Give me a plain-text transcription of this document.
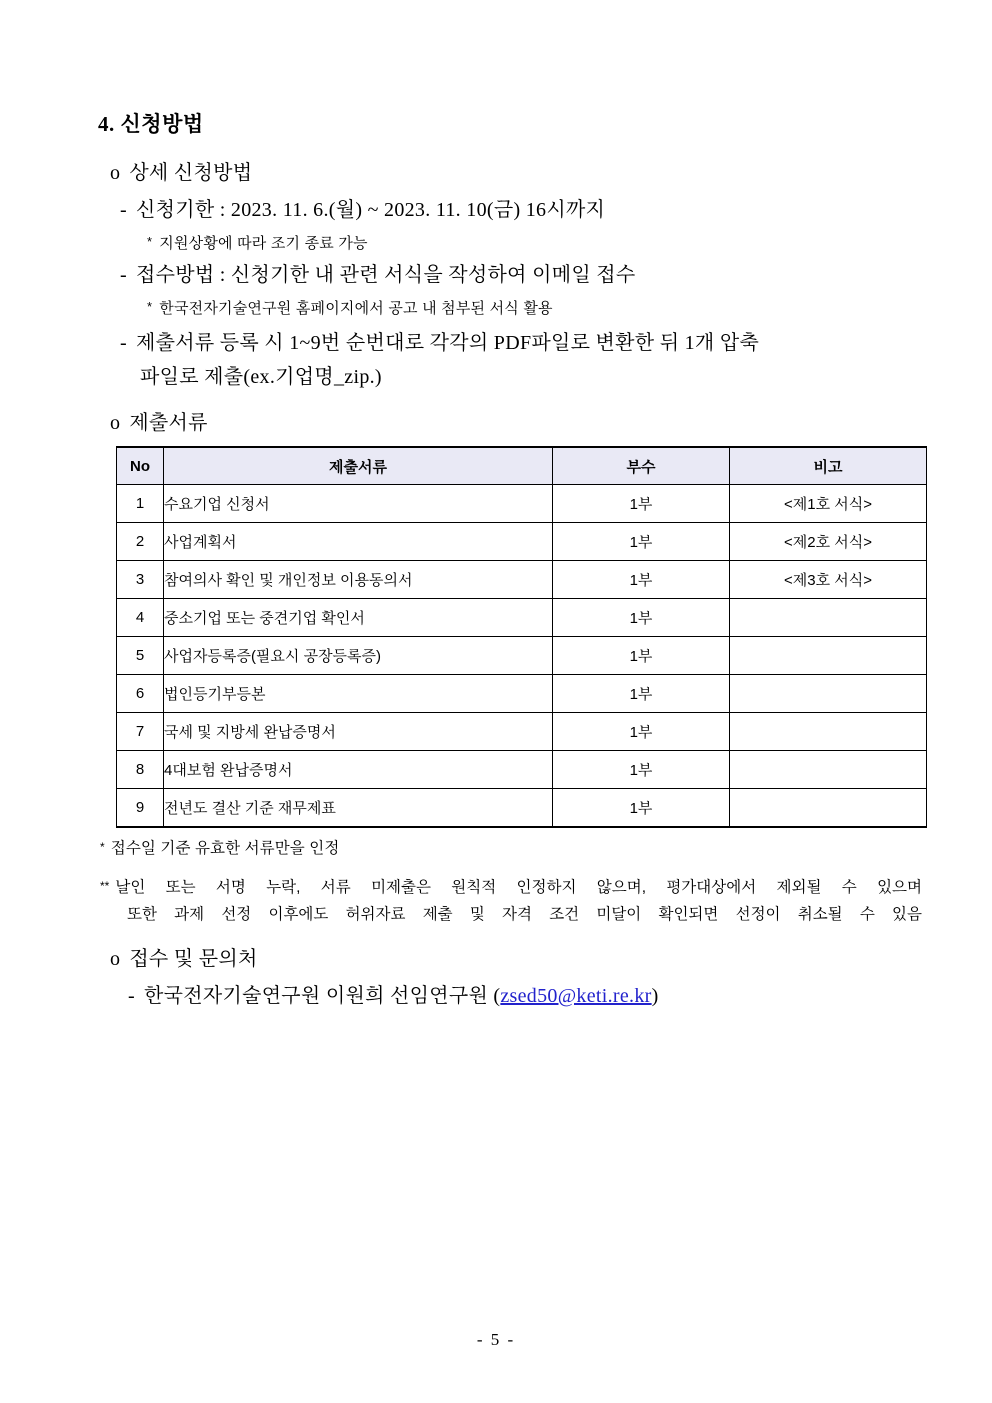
4. 신청방법
o 상세 신청방법
- 신청기한 : 2023. 11. 6.(월) ~ 2023. 11. 10(금) 16시까지
* 지원상황에 따라 조기 종료 가능
- 접수방법 : 신청기한 내 관련 서식을 작성하여 이메일 접수
* 한국전자기술연구원 홈페이지에서 공고 내 첨부된 서식 활용
- 제출서류 등록 시 1~9번 순번대로 각각의 PDF파일로 변환한 뒤 1개 압축
파일로 제출(ex.기업명_zip.)
o 제출서류
No	제출서류	부수	비고
1	수요기업 신청서	1부	<제1호 서식>
2	사업계획서	1부	<제2호 서식>
3	참여의사 확인 및 개인정보 이용동의서	1부	<제3호 서식>
4	중소기업 또는 중견기업 확인서	1부	
5	사업자등록증(필요시 공장등록증)	1부	
6	법인등기부등본	1부	
7	국세 및 지방세 완납증명서	1부	
8	4대보험 완납증명서	1부	
9	전년도 결산 기준 재무제표	1부	
* 접수일 기준 유효한 서류만을 인정
** 날인 또는 서명 누락, 서류 미제출은 원칙적 인정하지 않으며, 평가대상에서 제외될 수 있으며
또한 과제 선정 이후에도 허위자료 제출 및 자격 조건 미달이 확인되면 선정이 취소될 수 있음
o 접수 및 문의처
- 한국전자기술연구원 이원희 선임연구원 (zsed50@keti.re.kr)
- 5 -
